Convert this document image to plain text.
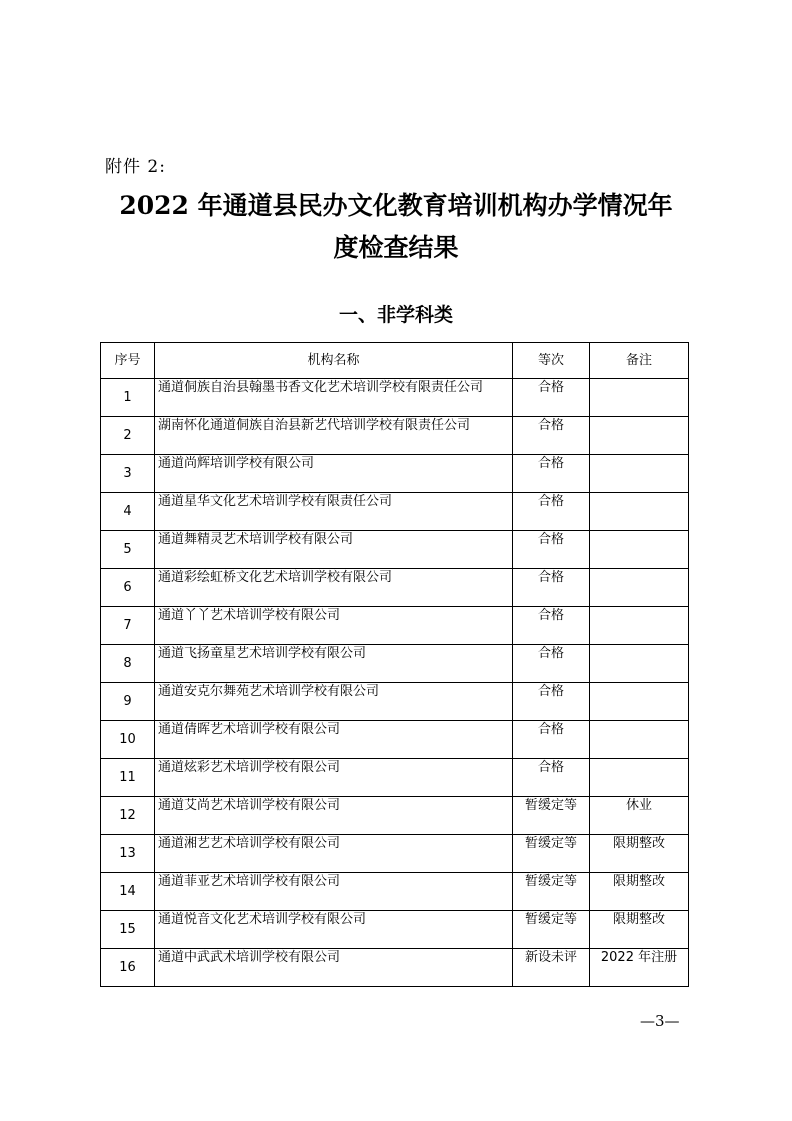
附件 2:
2022 年通道县民办文化教育培训机构办学情况年
度检查结果
一、非学科类
序号	机构名称	等次	备注
1	通道侗族自治县翰墨书香文化艺术培训学校有限责任公司	合格	
2	湖南怀化通道侗族自治县新艺代培训学校有限责任公司	合格	
3	通道尚辉培训学校有限公司	合格	
4	通道星华文化艺术培训学校有限责任公司	合格	
5	通道舞精灵艺术培训学校有限公司	合格	
6	通道彩绘虹桥文化艺术培训学校有限公司	合格	
7	通道丫丫艺术培训学校有限公司	合格	
8	通道飞扬童星艺术培训学校有限公司	合格	
9	通道安克尔舞苑艺术培训学校有限公司	合格	
10	通道倩晖艺术培训学校有限公司	合格	
11	通道炫彩艺术培训学校有限公司	合格	
12	通道艾尚艺术培训学校有限公司	暂缓定等	休业
13	通道湘艺艺术培训学校有限公司	暂缓定等	限期整改
14	通道菲亚艺术培训学校有限公司	暂缓定等	限期整改
15	通道悦音文化艺术培训学校有限公司	暂缓定等	限期整改
16	通道中武武术培训学校有限公司	新设未评	2022 年注册
—3—
